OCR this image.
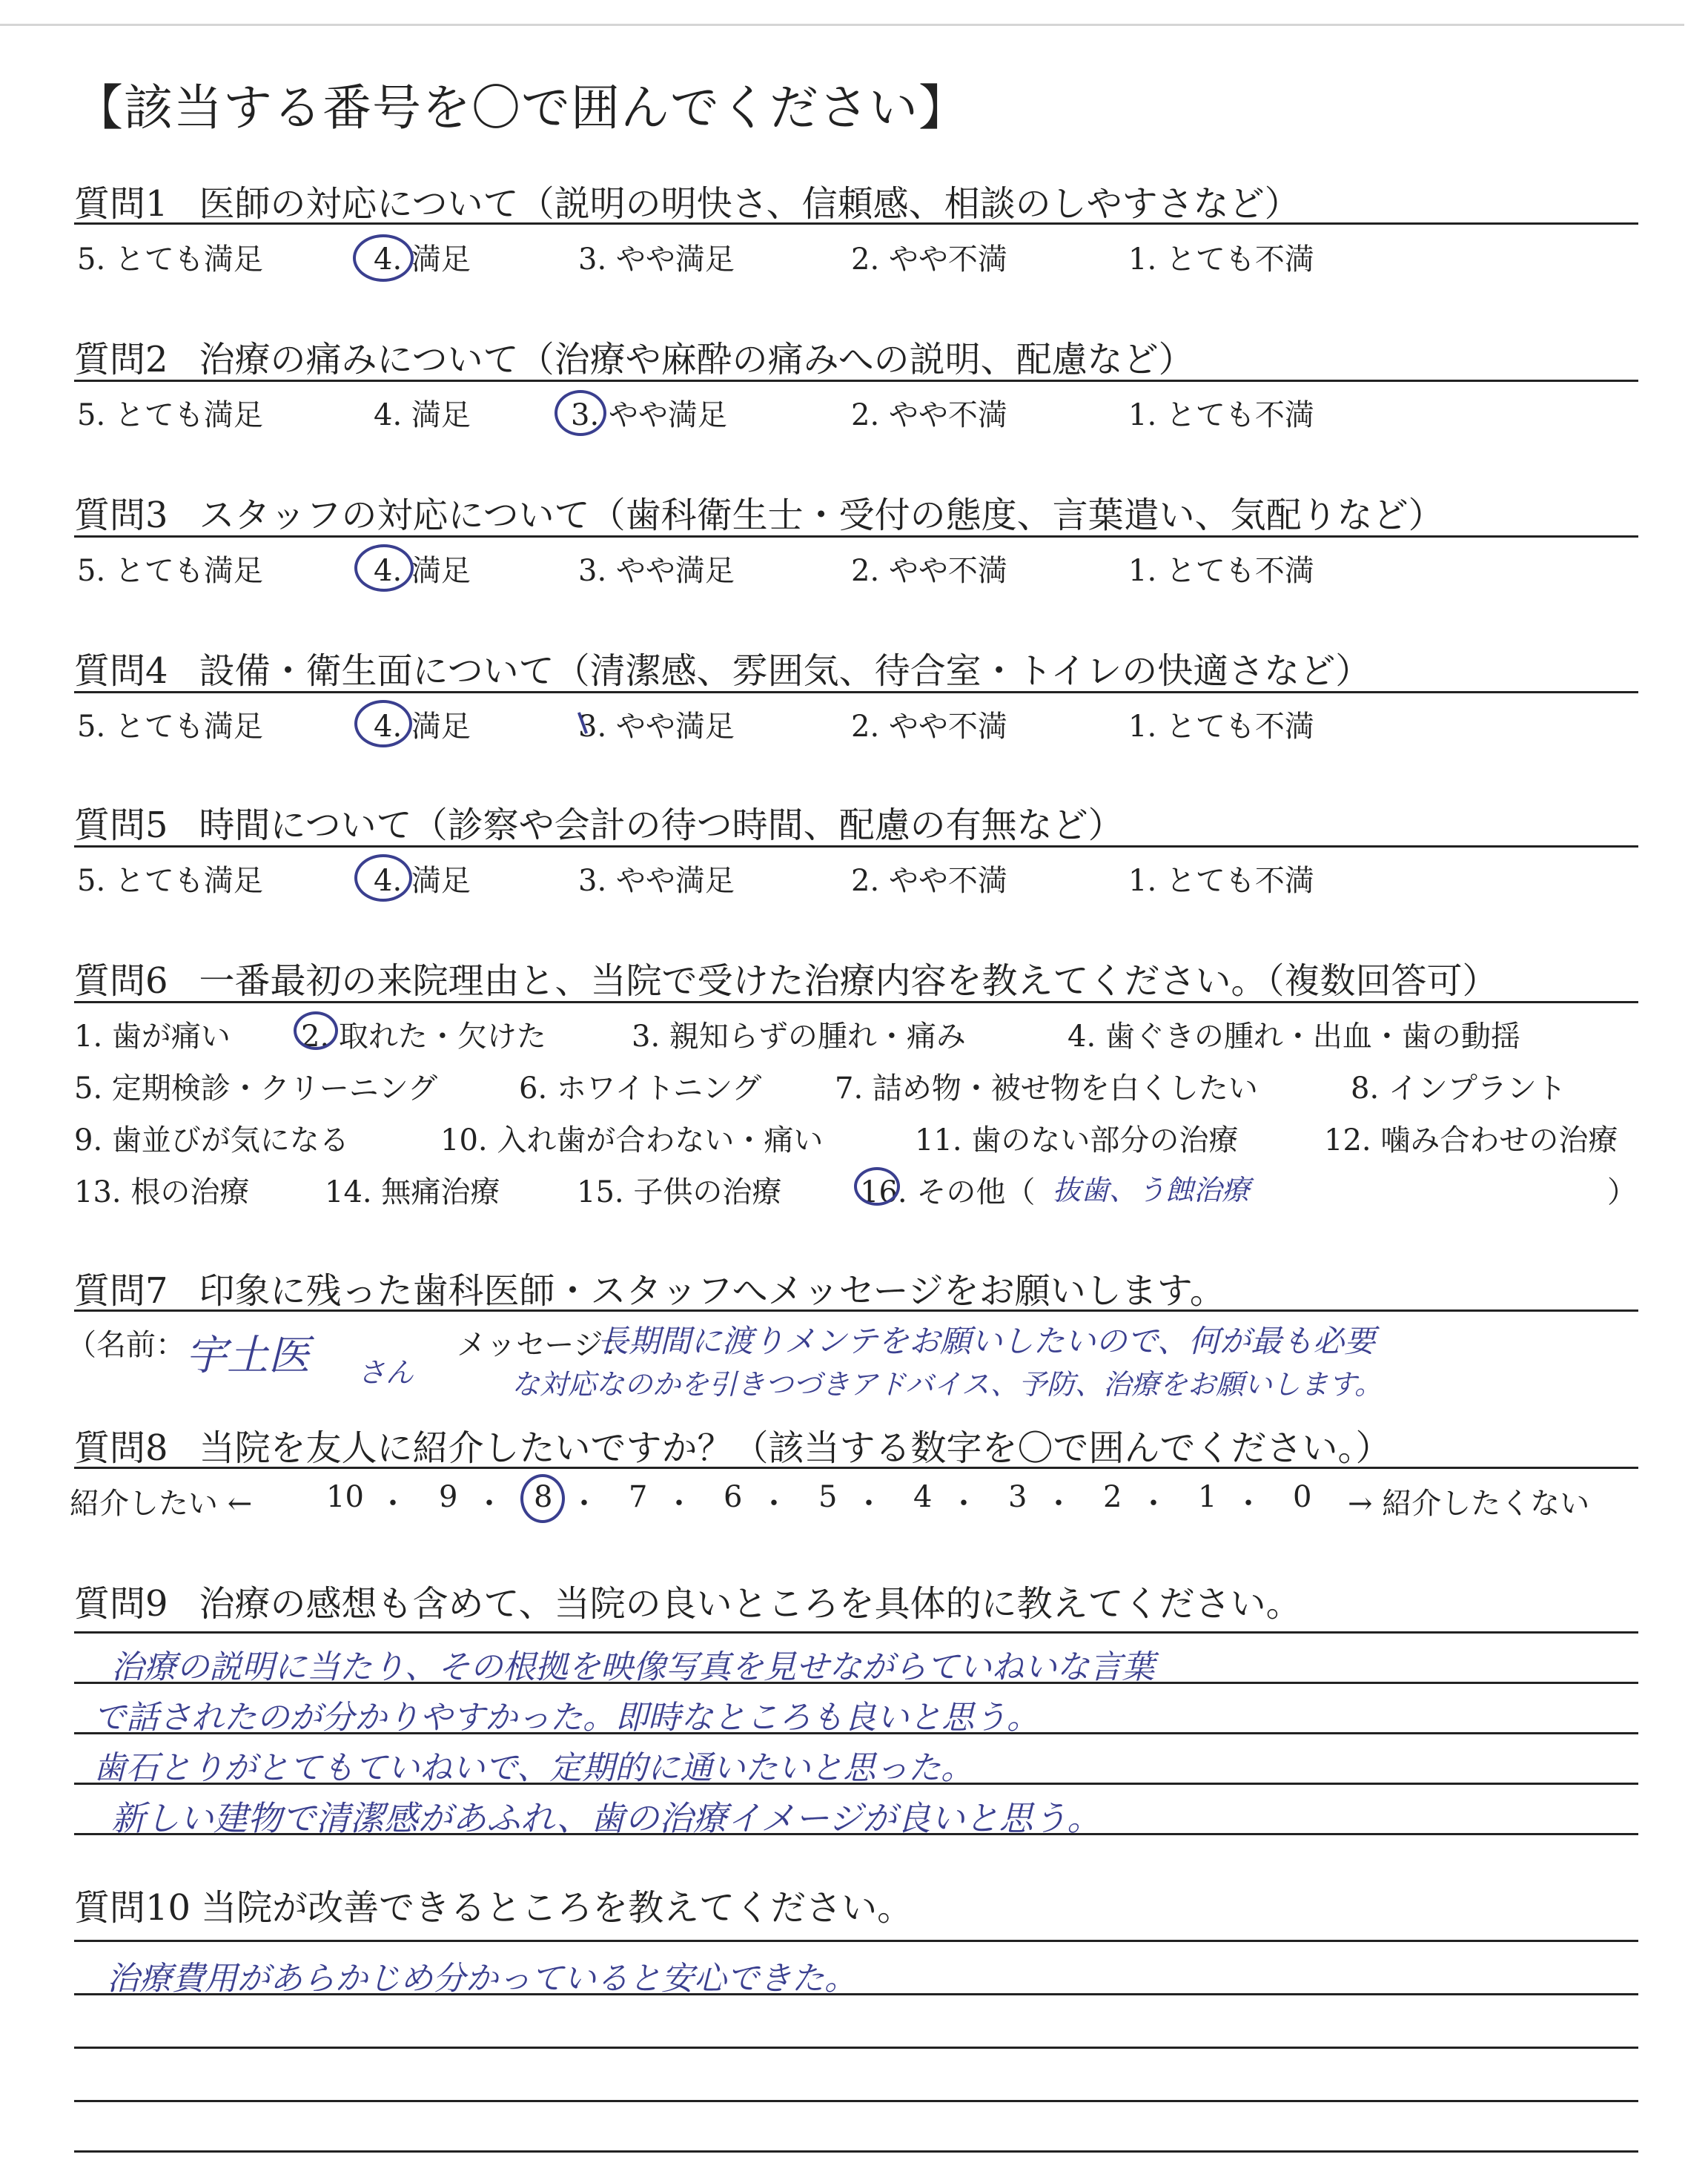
【該当する番号を〇で囲んでください】
質問1 医師の対応について（説明の明快さ、信頼感、相談のしやすさなど）
5. とても満足	4. 満足	3. やや満足	2. やや不満	1. とても不満
質問2 治療の痛みについて（治療や麻酔の痛みへの説明、配慮など）
5. とても満足	4. 満足	3. やや満足	2. やや不満	1. とても不満
質問3 スタッフの対応について（歯科衛生士・受付の態度、言葉遣い、気配りなど）
5. とても満足	4. 満足	3. やや満足	2. やや不満	1. とても不満
質問4 設備・衛生面について（清潔感、雰囲気、待合室・トイレの快適さなど）
5. とても満足	4. 満足	3. やや満足	2. やや不満	1. とても不満
質問5 時間について（診察や会計の待つ時間、配慮の有無など）
5. とても満足	4. 満足	3. やや満足	2. やや不満	1. とても不満
質問6 一番最初の来院理由と、当院で受けた治療内容を教えてください。（複数回答可）
1. 歯が痛い 2. 取れた・欠けた	3. 親知らずの腫れ・痛み	4. 歯ぐきの腫れ・出血・歯の動揺
5. 定期検診・クリーニング	6. ホワイトニング 7. 詰め物・被せ物を白くしたい	8. インプラント
9. 歯並びが気になる	10. 入れ歯が合わない・痛い	11. 歯のない部分の治療	12. 噛み合わせの治療
13. 根の治療	14. 無痛治療	15. 子供の治療	16. その他（ 抜歯、う蝕治療	）
質問7 印象に残った歯科医師・スタッフへメッセージをお願いします。
（名前： 宇土医 さん
メッセージ：
長期間に渡りメンテをお願いしたいので、何が最も必要
な対応なのかを引きつづきアドバイス、予防、治療をお願いします。
質問8 当院を友人に紹介したいですか？（該当する数字を〇で囲んでください。）
紹介したい ← 10	9	8	7	6	5	4	3	2	1	0
・ ・ ・ ・ ・ ・ ・ ・ ・ ・	→ 紹介したくない
質問9 治療の感想も含めて、当院の良いところを具体的に教えてください。
治療の説明に当たり、その根拠を映像写真を見せながらていねいな言葉
で話されたのが分かりやすかった。即時なところも良いと思う。
歯石とりがとてもていねいで、定期的に通いたいと思った。
新しい建物で清潔感があふれ、歯の治療イメージが良いと思う。
質問10 当院が改善できるところを教えてください。
治療費用があらかじめ分かっていると安心できた。
